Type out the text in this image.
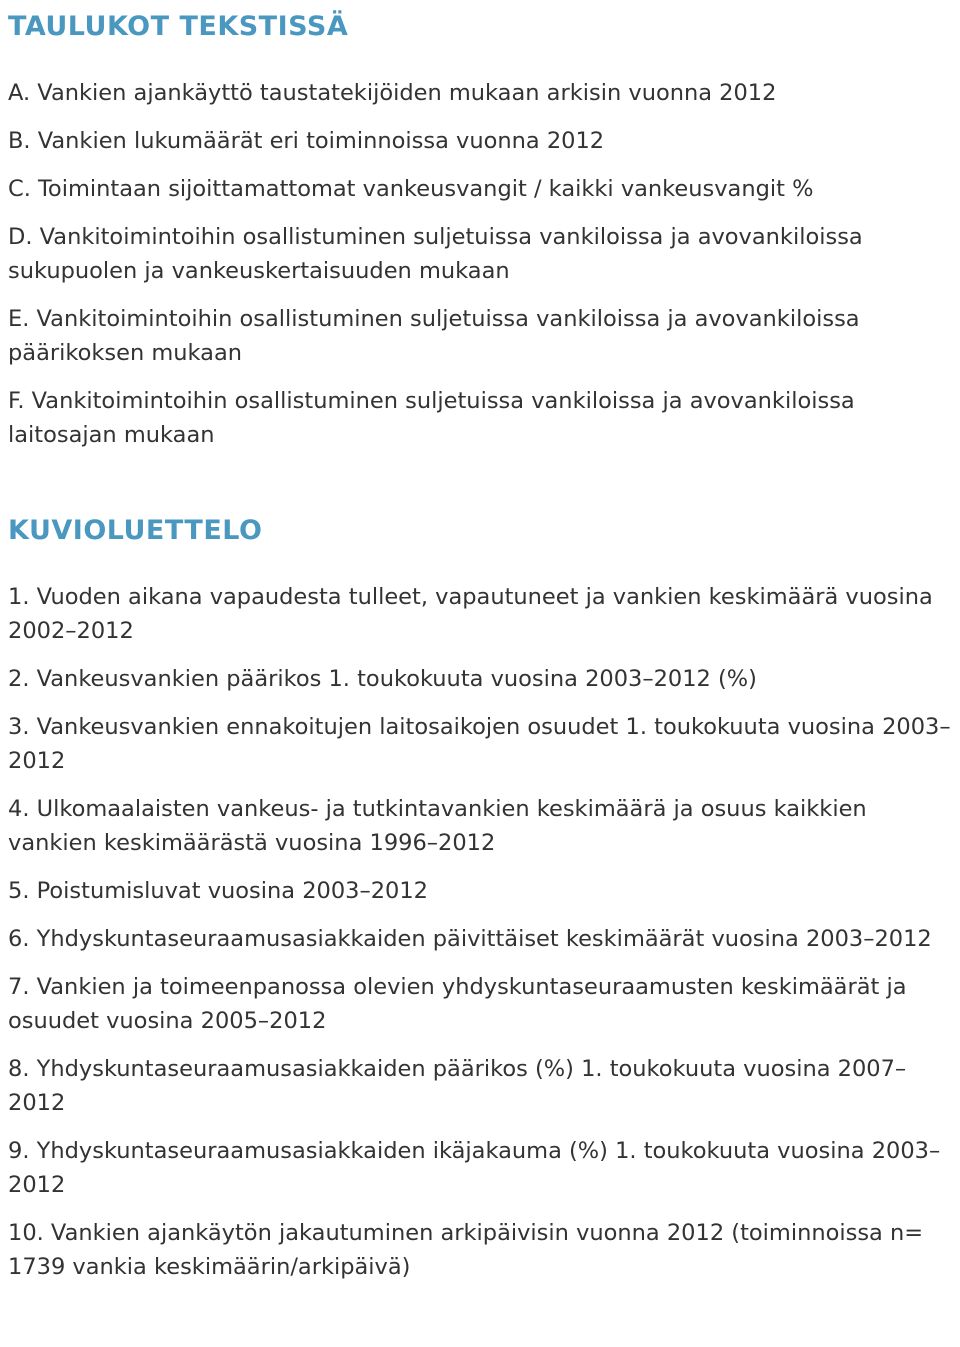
TAULUKOT TEKSTISSÄ
A. Vankien ajankäyttö taustatekijöiden mukaan arkisin vuonna 2012
B. Vankien lukumäärät eri toiminnoissa vuonna 2012
C. Toimintaan sijoittamattomat vankeusvangit / kaikki vankeusvangit %
D. Vankitoimintoihin osallistuminen suljetuissa vankiloissa ja avovankiloissa sukupuolen ja vankeuskertaisuuden mukaan
E. Vankitoimintoihin osallistuminen suljetuissa vankiloissa ja avovankiloissa päärikoksen mukaan
F. Vankitoimintoihin osallistuminen suljetuissa vankiloissa ja avovankiloissa laitosajan mukaan
KUVIOLUETTELO
1. Vuoden aikana vapaudesta tulleet, vapautuneet ja vankien keskimäärä vuosina 2002–2012
2. Vankeusvankien päärikos 1. toukokuuta vuosina 2003–2012 (%)
3. Vankeusvankien ennakoitujen laitosaikojen osuudet 1. toukokuuta vuosina 2003–2012
4. Ulkomaalaisten vankeus- ja tutkintavankien keskimäärä ja osuus kaikkien vankien keskimäärästä vuosina 1996–2012
5. Poistumisluvat vuosina 2003–2012
6. Yhdyskuntaseuraamusasiakkaiden päivittäiset keskimäärät vuosina 2003–2012
7. Vankien ja toimeenpanossa olevien yhdyskuntaseuraamusten keskimäärät ja osuudet vuosina 2005–2012
8. Yhdyskuntaseuraamusasiakkaiden päärikos (%) 1. toukokuuta vuosina 2007–2012
9. Yhdyskuntaseuraamusasiakkaiden ikäjakauma (%) 1. toukokuuta vuosina 2003–2012
10. Vankien ajankäytön jakautuminen arkipäivisin vuonna 2012 (toiminnoissa n= 1739 vankia keskimäärin/arkipäivä)
